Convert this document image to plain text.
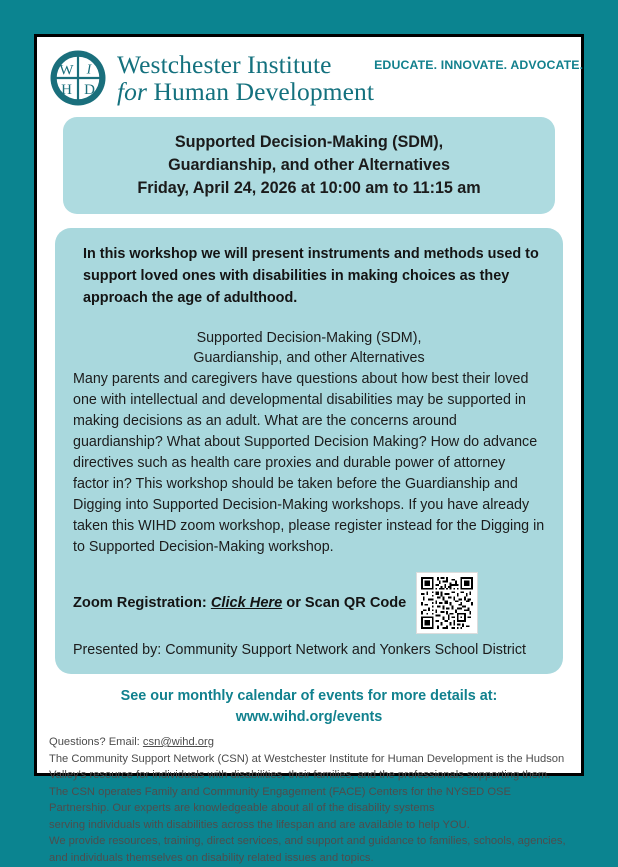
W I
H D
Westchester Institute
for Human Development
EDUCATE. INNOVATE. ADVOCATE.
Supported Decision-Making (SDM),
Guardianship, and other Alternatives
Friday, April 24, 2026 at 10:00 am to 11:15 am
In this workshop we will present instruments and methods used to support loved ones with disabilities in making choices as they approach the age of adulthood.
Supported Decision-Making (SDM),
Guardianship, and other Alternatives
Many parents and caregivers have questions about how best their loved one with intellectual and developmental disabilities may be supported in making decisions as an adult. What are the concerns around guardianship? What about Supported Decision Making? How do advance directives such as health care proxies and durable power of attorney factor in? This workshop should be taken before the Guardianship and Digging into Supported Decision-Making workshops. If you have already taken this WIHD zoom workshop, please register instead for the Digging in to Supported Decision-Making workshop.
Zoom Registration: Click Here or Scan QR Code
Presented by: Community Support Network and Yonkers School District
See our monthly calendar of events for more details at:
www.wihd.org/events

Questions? Email: csn@wihd.org

The Community Support Network (CSN) at Westchester Institute for Human Development is the Hudson Valley's resource for individuals with disabilities, their families, and the professionals supporting them. The CSN operates Family and Community Engagement (FACE) Centers for the NYSED OSE Partnership. Our experts are knowledgeable about all of the disability systems

serving individuals with disabilities across the lifespan and are available to help YOU.

We provide resources, training, direct services, and support and guidance to families, schools, agencies, and individuals themselves on disability related issues and topics.
